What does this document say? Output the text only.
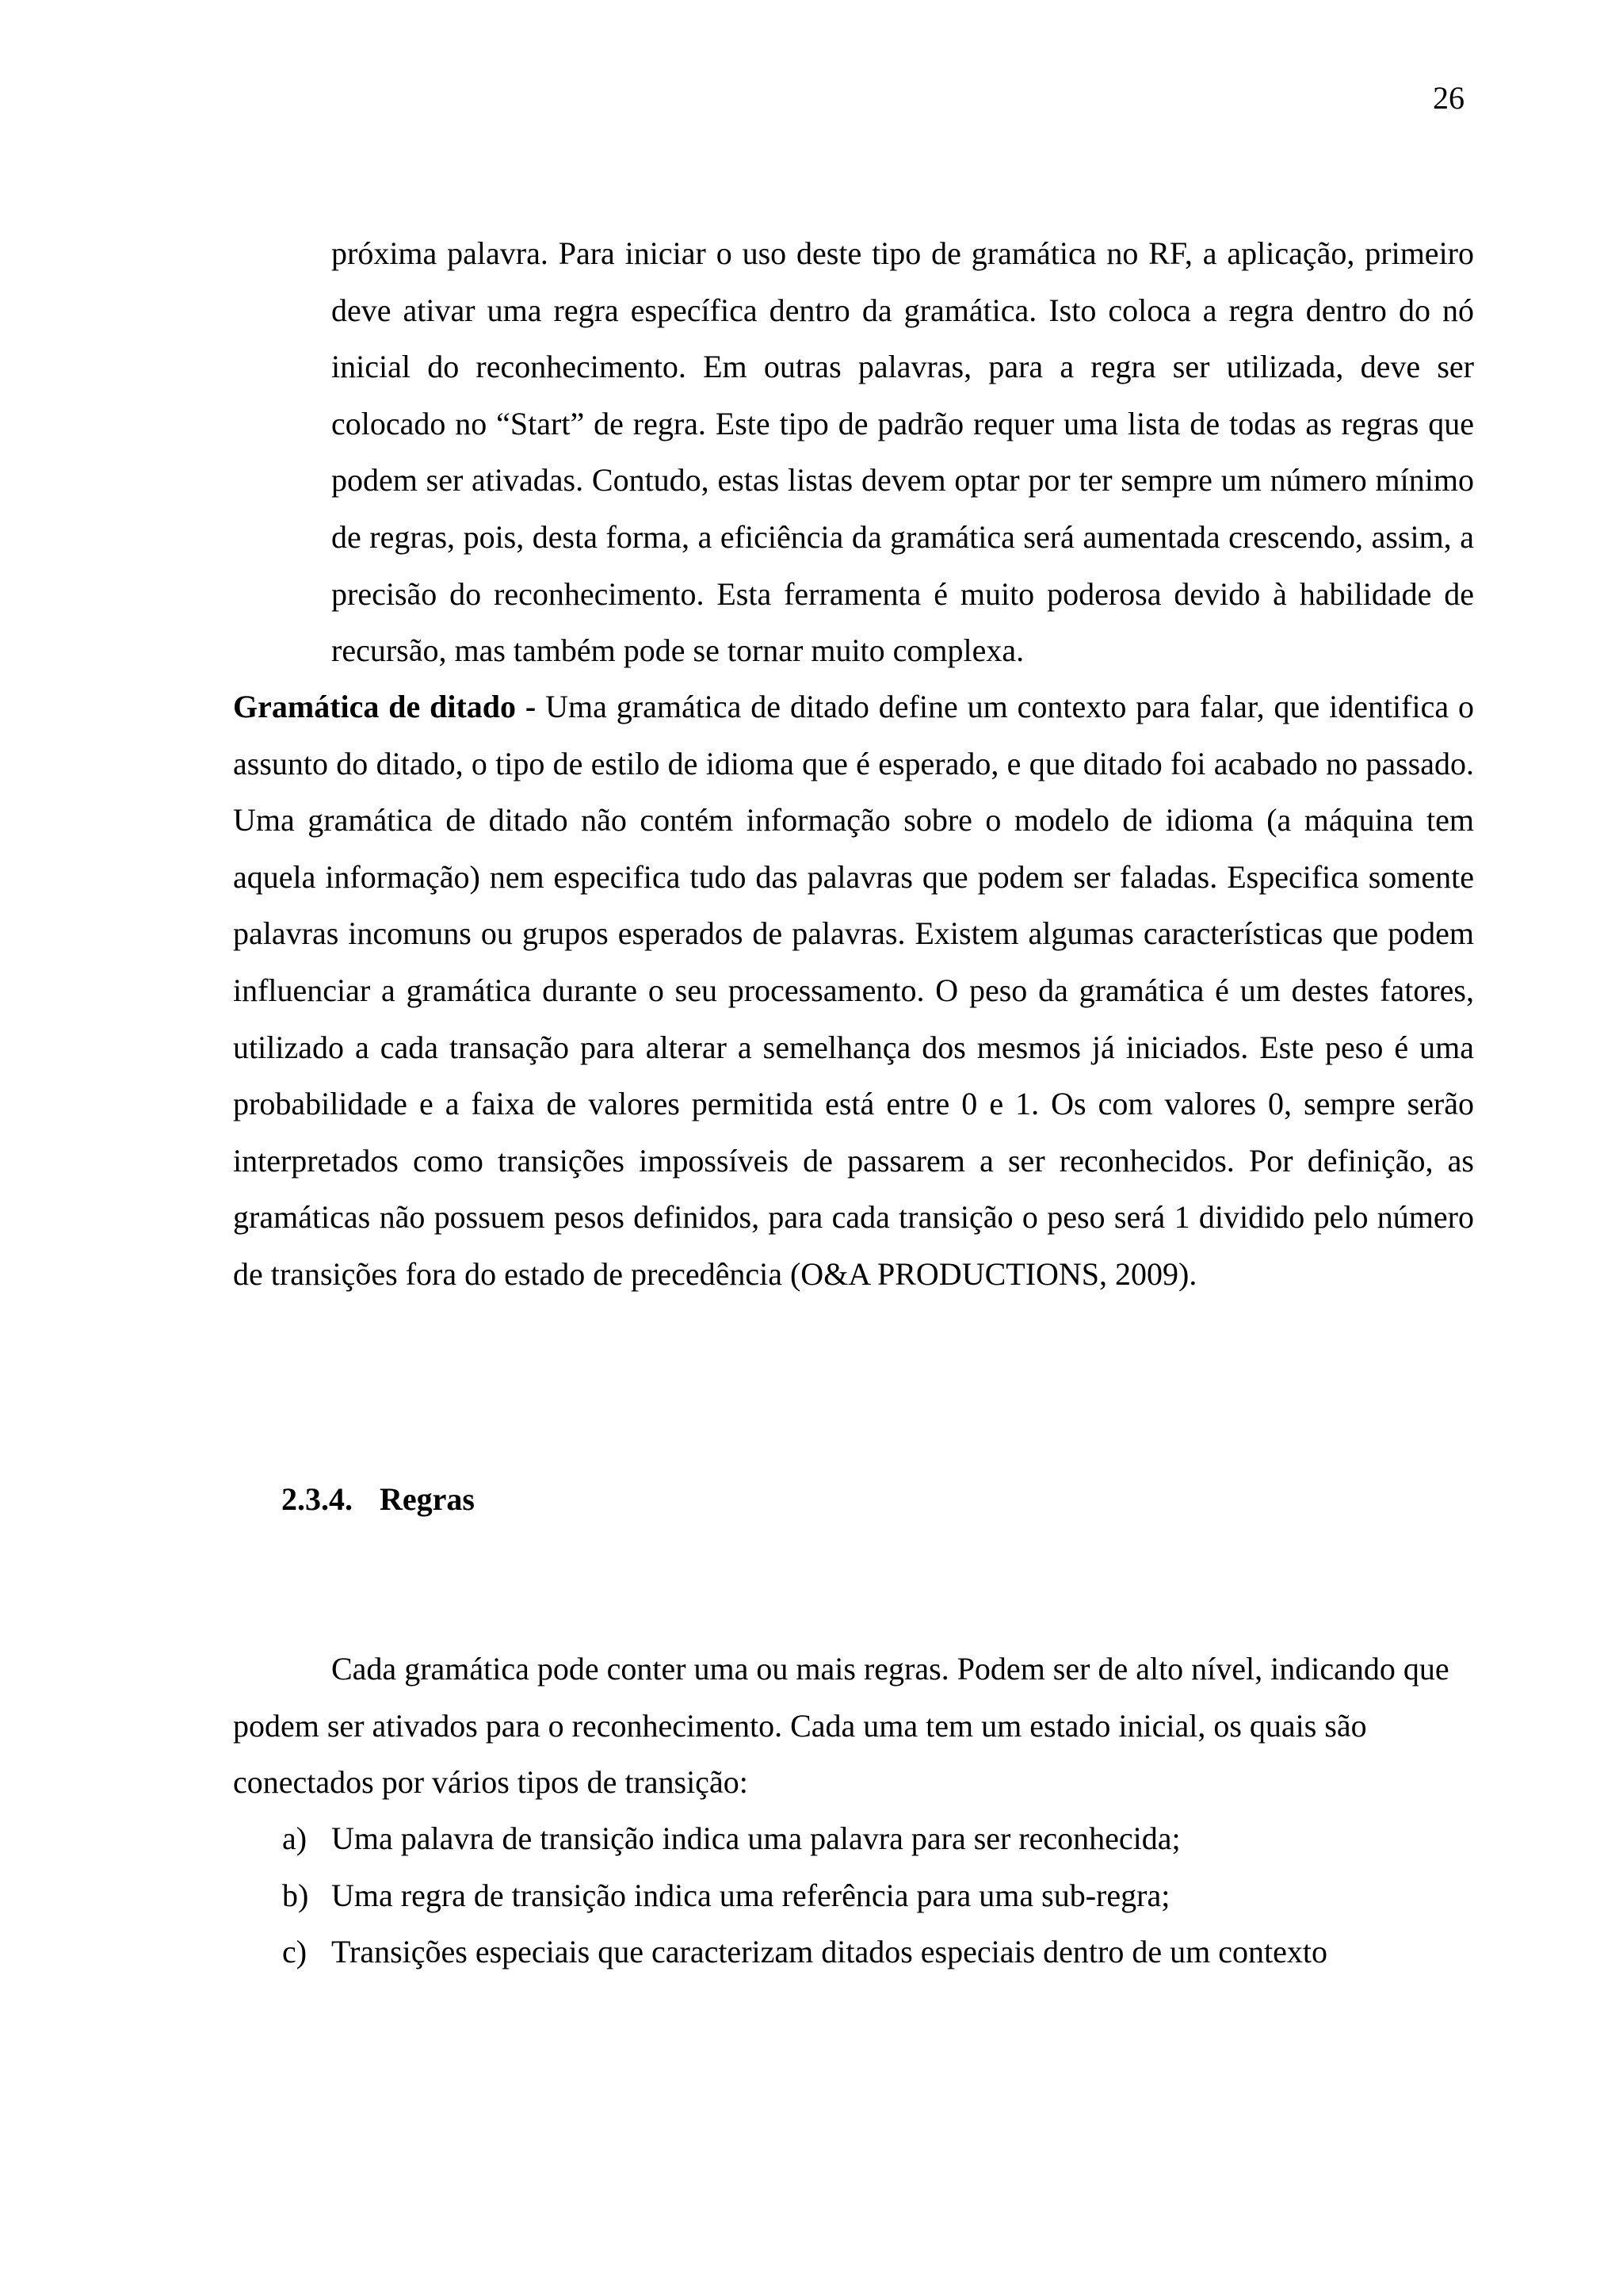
26

próxima palavra. Para iniciar o uso deste tipo de gramática no RF, a aplicação, primeiro deve ativar uma regra específica dentro da gramática. Isto coloca a regra dentro do nó inicial do reconhecimento. Em outras palavras, para a regra ser utilizada, deve ser colocado no “Start” de regra. Este tipo de padrão requer uma lista de todas as regras que podem ser ativadas. Contudo, estas listas devem optar por ter sempre um número mínimo de regras, pois, desta forma, a eficiência da gramática será aumentada crescendo, assim, a precisão do reconhecimento. Esta ferramenta é muito poderosa devido à habilidade de recursão, mas também pode se tornar muito complexa.

Gramática de ditado - Uma gramática de ditado define um contexto para falar, que identifica o assunto do ditado, o tipo de estilo de idioma que é esperado, e que ditado foi acabado no passado. Uma gramática de ditado não contém informação sobre o modelo de idioma (a máquina tem aquela informação) nem especifica tudo das palavras que podem ser faladas. Especifica somente palavras incomuns ou grupos esperados de palavras. Existem algumas características que podem influenciar a gramática durante o seu processamento. O peso da gramática é um destes fatores, utilizado a cada transação para alterar a semelhança dos mesmos já iniciados. Este peso é uma probabilidade e a faixa de valores permitida está entre 0 e 1. Os com valores 0, sempre serão interpretados como transições impossíveis de passarem a ser reconhecidos. Por definição, as gramáticas não possuem pesos definidos, para cada transição o peso será 1 dividido pelo número de transições fora do estado de precedência (O&A PRODUCTIONS, 2009).

2.3.4. Regras

Cada gramática pode conter uma ou mais regras. Podem ser de alto nível, indicando que podem ser ativados para o reconhecimento. Cada uma tem um estado inicial, os quais são conectados por vários tipos de transição:

a) Uma palavra de transição indica uma palavra para ser reconhecida;
b) Uma regra de transição indica uma referência para uma sub-regra;
c) Transições especiais que caracterizam ditados especiais dentro de um contexto
